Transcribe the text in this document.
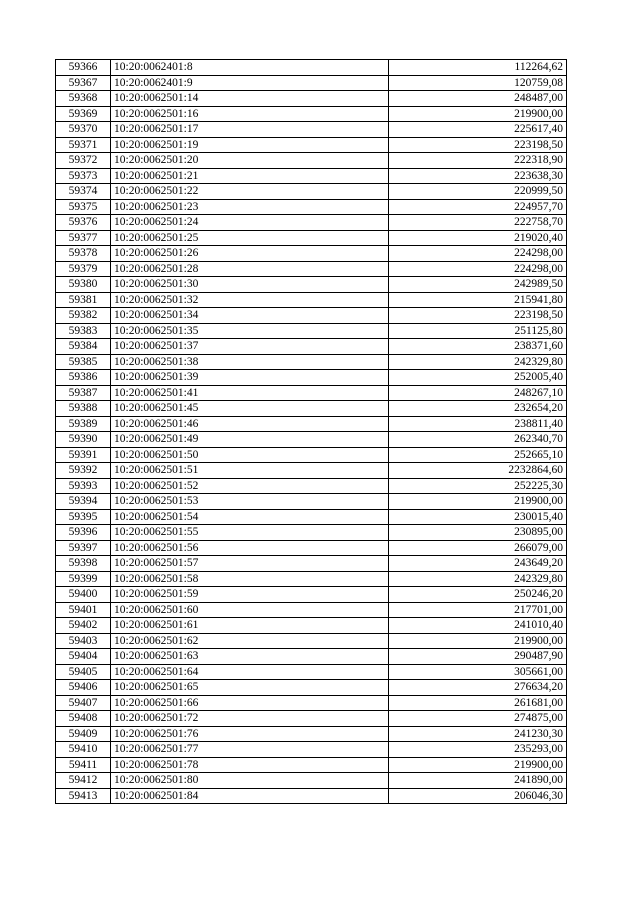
59366	10:20:0062401:8	112264,62
59367	10:20:0062401:9	120759,08
59368	10:20:0062501:14	248487,00
59369	10:20:0062501:16	219900,00
59370	10:20:0062501:17	225617,40
59371	10:20:0062501:19	223198,50
59372	10:20:0062501:20	222318,90
59373	10:20:0062501:21	223638,30
59374	10:20:0062501:22	220999,50
59375	10:20:0062501:23	224957,70
59376	10:20:0062501:24	222758,70
59377	10:20:0062501:25	219020,40
59378	10:20:0062501:26	224298,00
59379	10:20:0062501:28	224298,00
59380	10:20:0062501:30	242989,50
59381	10:20:0062501:32	215941,80
59382	10:20:0062501:34	223198,50
59383	10:20:0062501:35	251125,80
59384	10:20:0062501:37	238371,60
59385	10:20:0062501:38	242329,80
59386	10:20:0062501:39	252005,40
59387	10:20:0062501:41	248267,10
59388	10:20:0062501:45	232654,20
59389	10:20:0062501:46	238811,40
59390	10:20:0062501:49	262340,70
59391	10:20:0062501:50	252665,10
59392	10:20:0062501:51	2232864,60
59393	10:20:0062501:52	252225,30
59394	10:20:0062501:53	219900,00
59395	10:20:0062501:54	230015,40
59396	10:20:0062501:55	230895,00
59397	10:20:0062501:56	266079,00
59398	10:20:0062501:57	243649,20
59399	10:20:0062501:58	242329,80
59400	10:20:0062501:59	250246,20
59401	10:20:0062501:60	217701,00
59402	10:20:0062501:61	241010,40
59403	10:20:0062501:62	219900,00
59404	10:20:0062501:63	290487,90
59405	10:20:0062501:64	305661,00
59406	10:20:0062501:65	276634,20
59407	10:20:0062501:66	261681,00
59408	10:20:0062501:72	274875,00
59409	10:20:0062501:76	241230,30
59410	10:20:0062501:77	235293,00
59411	10:20:0062501:78	219900,00
59412	10:20:0062501:80	241890,00
59413	10:20:0062501:84	206046,30
